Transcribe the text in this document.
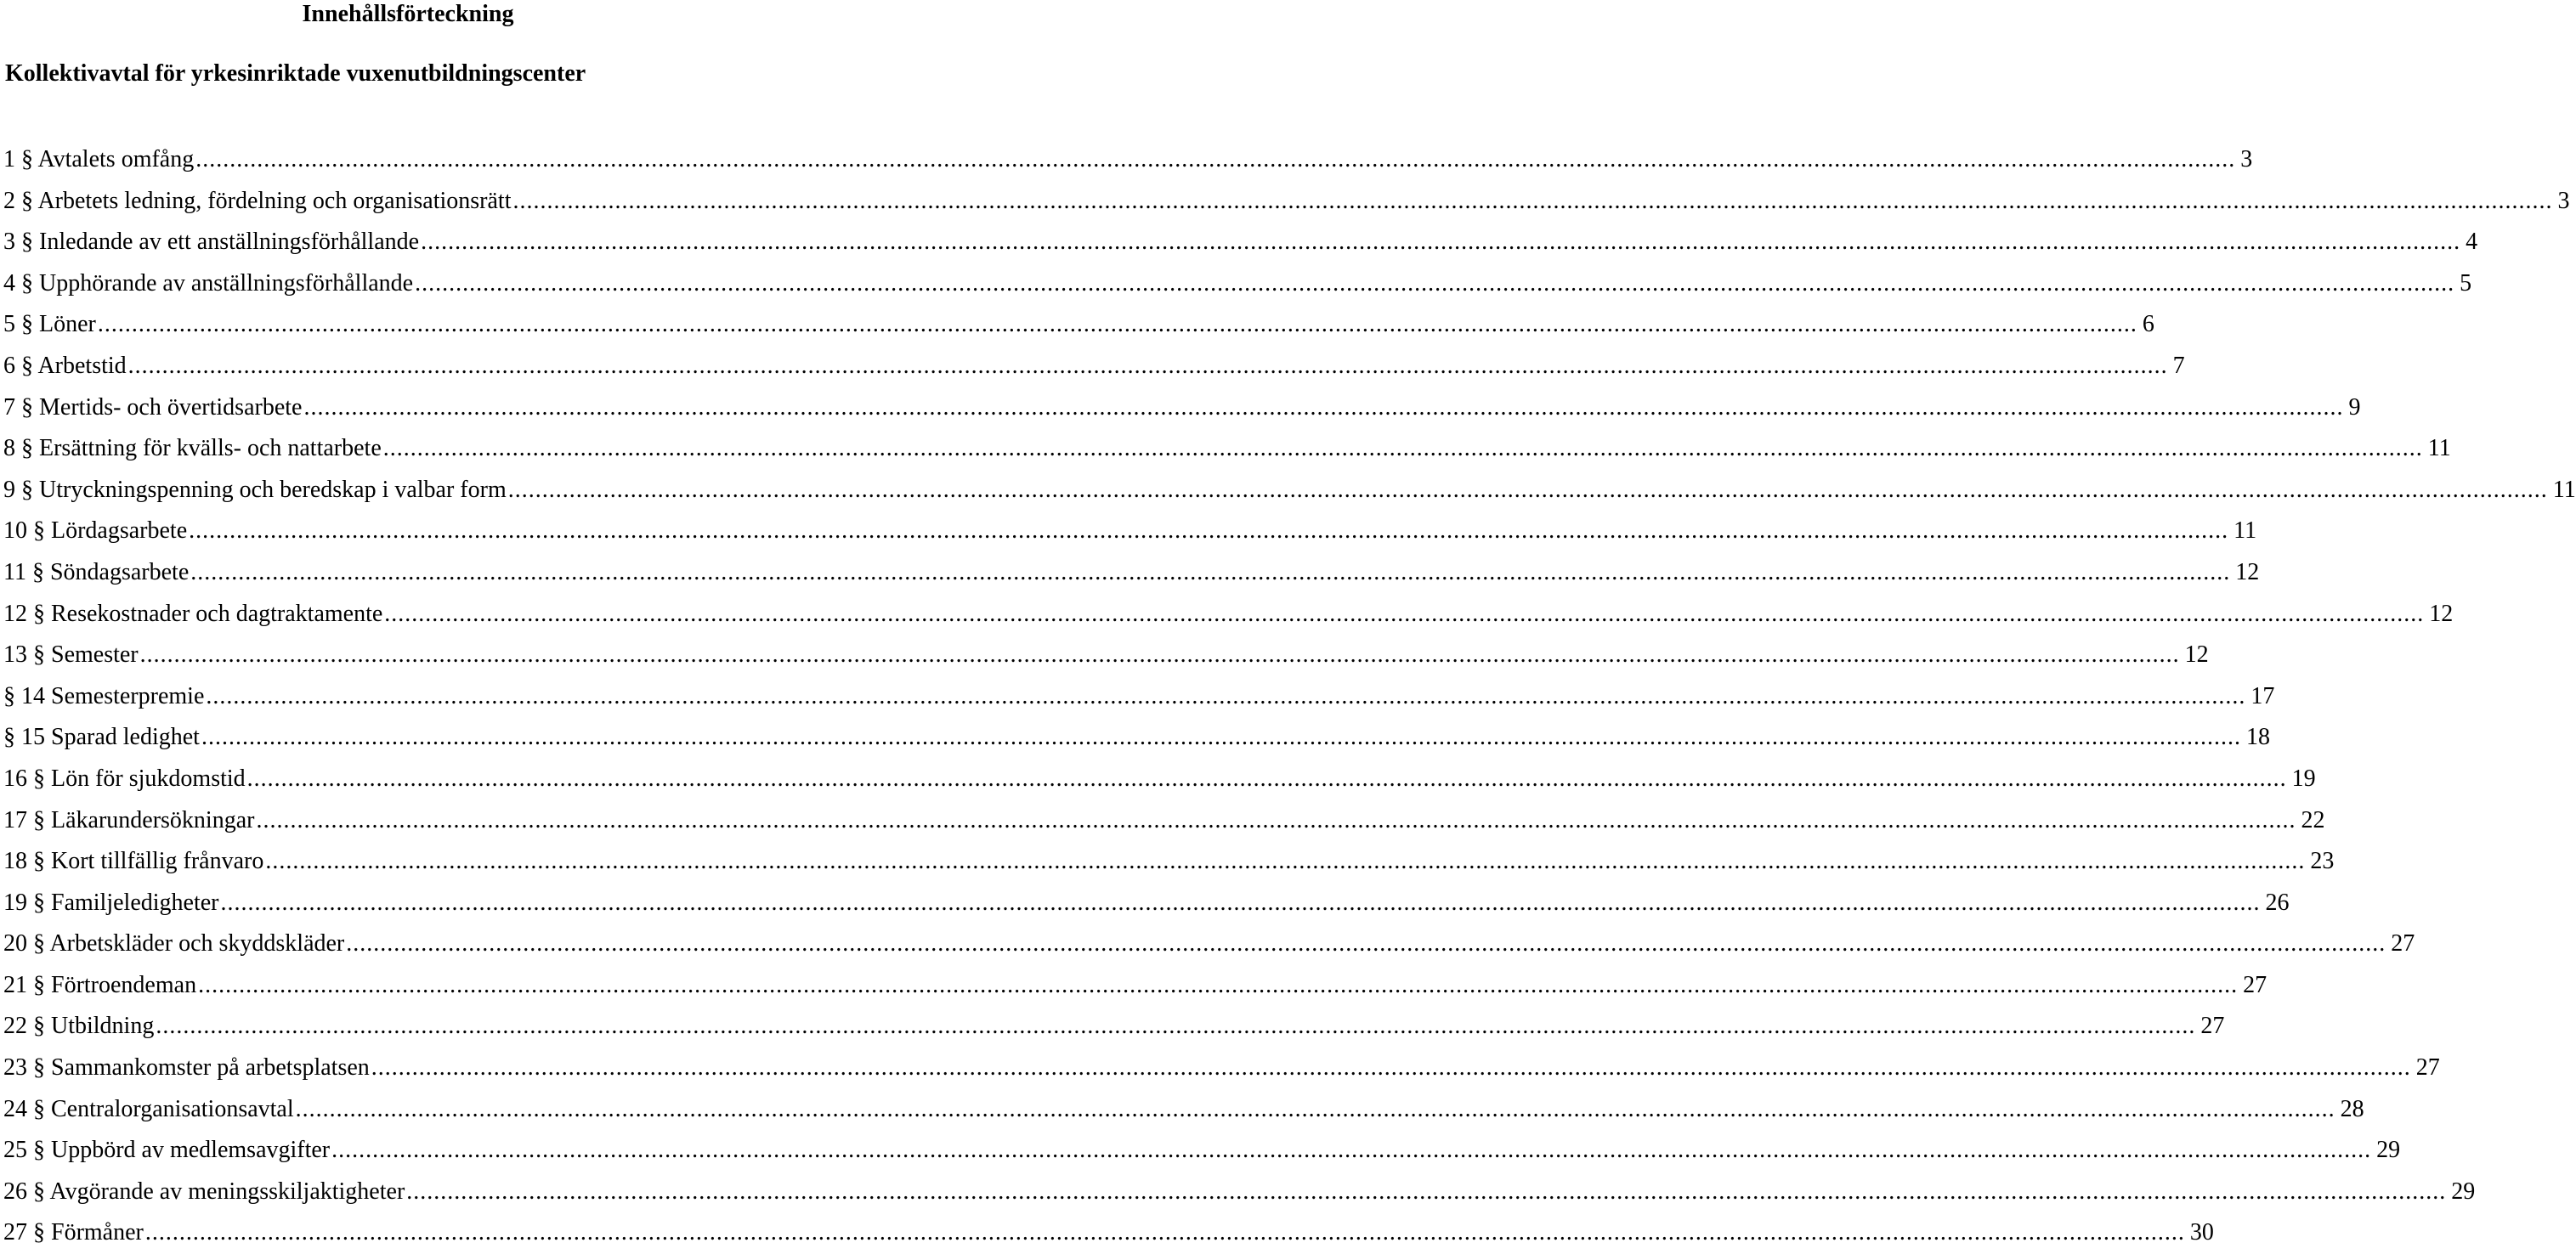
Innehållsförteckning
Kollektivavtal för yrkesinriktade vuxenutbildningscenter
1 § Avtalets omfång ............................................................................................................................................................................................................................................................................................................ 3
2 § Arbetets ledning, fördelning och organisationsrätt ............................................................................................................................................................................................................................................................................................................ 3
3 § Inledande av ett anställningsförhållande ............................................................................................................................................................................................................................................................................................................ 4
4 § Upphörande av anställningsförhållande ............................................................................................................................................................................................................................................................................................................ 5
5 § Löner ............................................................................................................................................................................................................................................................................................................ 6
6 § Arbetstid ............................................................................................................................................................................................................................................................................................................ 7
7 § Mertids- och övertidsarbete ............................................................................................................................................................................................................................................................................................................ 9
8 § Ersättning för kvälls- och nattarbete ............................................................................................................................................................................................................................................................................................................ 11
9 § Utryckningspenning och beredskap i valbar form ............................................................................................................................................................................................................................................................................................................ 11
10 § Lördagsarbete ............................................................................................................................................................................................................................................................................................................ 11
11 § Söndagsarbete ............................................................................................................................................................................................................................................................................................................ 12
12 § Resekostnader och dagtraktamente ............................................................................................................................................................................................................................................................................................................ 12
13 § Semester ............................................................................................................................................................................................................................................................................................................ 12
§ 14 Semesterpremie ............................................................................................................................................................................................................................................................................................................ 17
§ 15 Sparad ledighet ............................................................................................................................................................................................................................................................................................................ 18
16 § Lön för sjukdomstid ............................................................................................................................................................................................................................................................................................................ 19
17 § Läkarundersökningar ............................................................................................................................................................................................................................................................................................................ 22
18 § Kort tillfällig frånvaro ............................................................................................................................................................................................................................................................................................................ 23
19 § Familjeledigheter ............................................................................................................................................................................................................................................................................................................ 26
20 § Arbetskläder och skyddskläder ............................................................................................................................................................................................................................................................................................................ 27
21 § Förtroendeman ............................................................................................................................................................................................................................................................................................................ 27
22 § Utbildning ............................................................................................................................................................................................................................................................................................................ 27
23 § Sammankomster på arbetsplatsen ............................................................................................................................................................................................................................................................................................................ 27
24 § Centralorganisationsavtal ............................................................................................................................................................................................................................................................................................................ 28
25 § Uppbörd av medlemsavgifter ............................................................................................................................................................................................................................................................................................................ 29
26 § Avgörande av meningsskiljaktigheter ............................................................................................................................................................................................................................................................................................................ 29
27 § Förmåner ............................................................................................................................................................................................................................................................................................................ 30
